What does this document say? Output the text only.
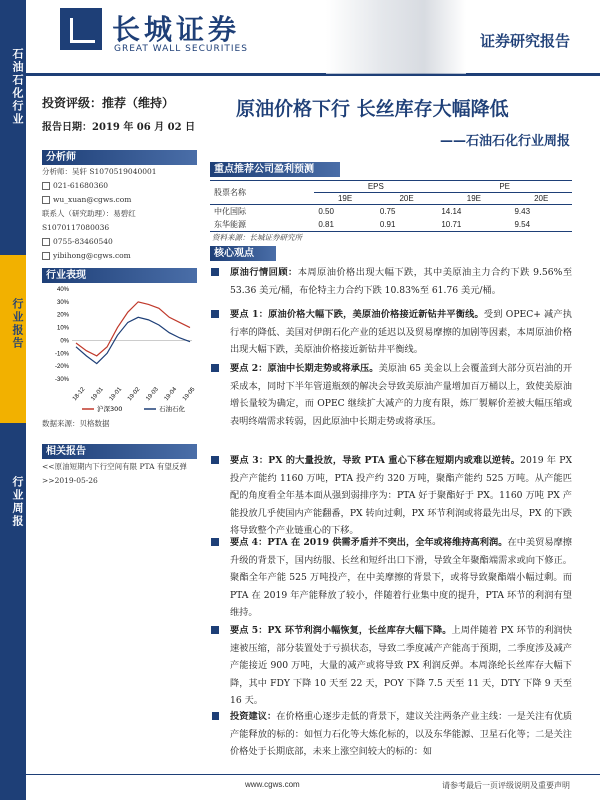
石油石化行业
行业报告
行业周报
长城证券
GREAT WALL SECURITIES	证券研究报告
投资评级：推荐（维持）
报告日期：2019 年 06 月 02 日
原油价格下行 长丝库存大幅降低
——石油石化行业周报
分析师
分析师：吴轩 S1070519040001
021-61680360
wu_xuan@cgws.com
联系人（研究助理）：易碧红
S1070117080036
0755-83460540
yibihong@cgws.com
行业表现
40%
30%
20%
10%
0%
-10%
-20%
-30%
18-12 19-01 19-01 19-02 19-03 19-04 19-05
沪深300	石油石化
数据来源：贝格数据
相关报告
<<原油短期内下行空间有限 PTA 有望反弹>>2019-05-26
重点推荐公司盈利预测
股票名称	EPS		PE	
	19E	20E	19E	20E
中化国际	0.50	0.75	14.14	9.43
东华能源	0.81	0.91	10.71	9.54
资料来源：长城证券研究所
核心观点
原油行情回顾：本周原油价格出现大幅下跌，其中美原油主力合约下跌 9.56%至 53.36 美元/桶，布伦特主力合约下跌 10.83%至 61.76 美元/桶。
要点 1：原油价格大幅下跌，美原油价格接近新钻井平衡线。受到 OPEC+ 减产执行率的降低、美国对伊朗石化产业的延迟以及贸易摩擦的加剧等因素，本周原油价格出现大幅下跌，美原油价格接近新钻井平衡线。
要点 2：原油中长期走势或将承压。美原油 65 美金以上会覆盖到大部分页岩油的开采成本，同时下半年管道瓶颈的解决会导致美原油产量增加百万桶以上，致使美原油增长量较为确定，而 OPEC 继续扩大减产的力度有限，炼厂製解价差被大幅压缩或表明终端需求转弱，因此原油中长期走势或将承压。
要点 3：PX 的大量投放，导致 PTA 重心下移在短期内或难以逆转。2019 年 PX 投产产能约 1160 万吨，PTA 投产约 320 万吨，聚酯产能约 525 万吨。从产能匹配的角度看全年基本面从强到弱排序为：PTA 好于聚酯好于 PX。1160 万吨 PX 产能投放几乎使国内产能翻番，PX 转向过剩，PX 环节利润或将最先出尽，PX 的下跌将导致整个产业链重心的下移。
要点 4：PTA 在 2019 供需矛盾并不突出，全年或将维持高利润。在中美贸易摩擦升级的背景下，国内纺服、长丝和短纤出口下滑，导致全年聚酯端需求或向下修正。聚酯全年产能 525 万吨投产，在中美摩擦的背景下，或将导致聚酯端小幅过剩。而 PTA 在 2019 年产能释放了较小，伴随着行业集中度的提升，PTA 环节的利润有望维持。
要点 5：PX 环节利润小幅恢复，长丝库存大幅下降。上周伴随着 PX 环节的利润快速被压缩，部分装置处于亏损状态，导致二季度减产产能高于预期，二季度涉及减产产能接近 900 万吨，大量的减产或将导致 PX 利润反弹。本周涤纶长丝库存大幅下降，其中 FDY 下降 10 天至 22 天，POY 下降 7.5 天至 11 天，DTY 下降 9 天至 16 天。
投资建议：在价格重心逐步走低的背景下，建议关注两条产业主线：一是关注有优质产能释放的标的：如恒力石化等大炼化标的，以及东华能源、卫星石化等；二是关注价格处于长期底部，未来上涨空间较大的标的：如
www.cgws.com	请参考最后一页评级说明及重要声明
